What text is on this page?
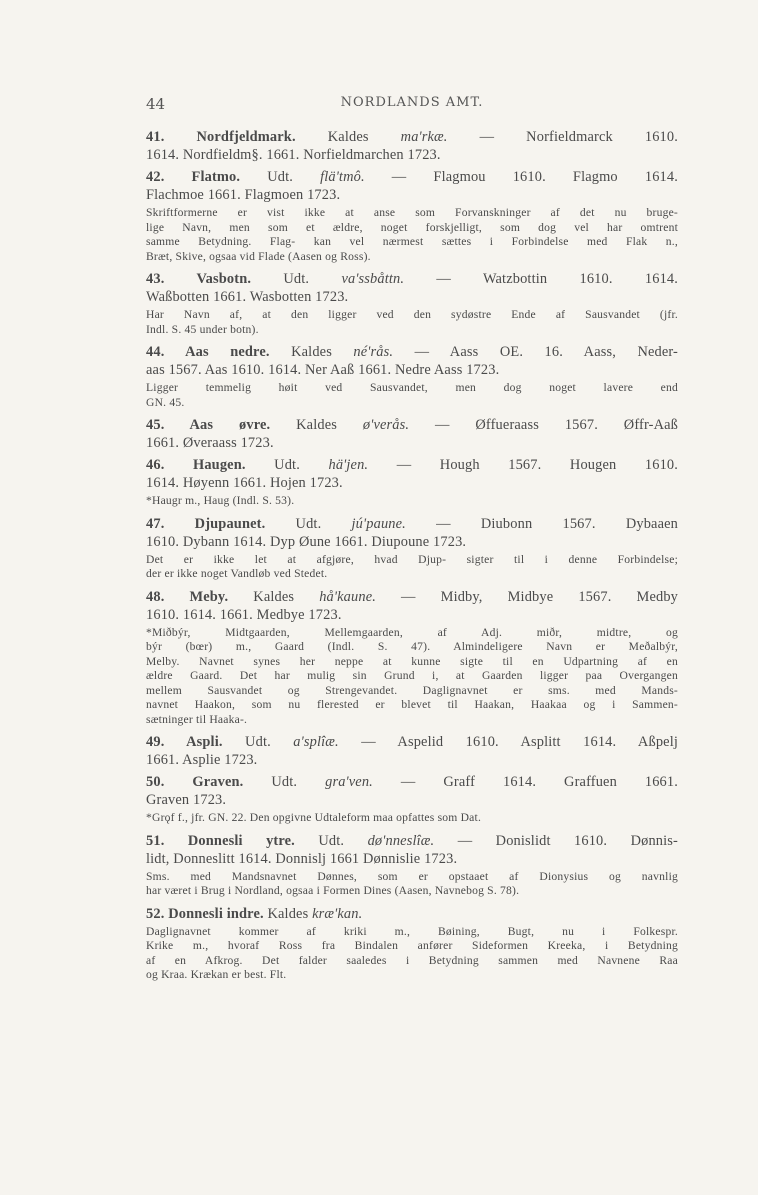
44	NORDLANDS AMT.
41. Nordfjeldmark. Kaldes ma'rkæ. — Norfieldmarck 1610.
1614. Nordfieldm§. 1661. Norfieldmarchen 1723.
42. Flatmo. Udt. flä'tmô. — Flagmou 1610. Flagmo 1614.
Flachmoe 1661. Flagmoen 1723.
Skriftformerne er vist ikke at anse som Forvanskninger af det nu bruge-
lige Navn, men som et ældre, noget forskjelligt, som dog vel har omtrent
samme Betydning. Flag- kan vel nærmest sættes i Forbindelse med Flak n.,
Bræt, Skive, ogsaa vid Flade (Aasen og Ross).
43. Vasbotn. Udt. va'ssbåttn. — Watzbottin 1610. 1614.
Waßbotten 1661. Wasbotten 1723.
Har Navn af, at den ligger ved den sydøstre Ende af Sausvandet (jfr.
Indl. S. 45 under botn).
44. Aas nedre. Kaldes né'rås. — Aass OE. 16. Aass, Neder-
aas 1567. Aas 1610. 1614. Ner Aaß 1661. Nedre Aass 1723.
Ligger temmelig høit ved Sausvandet, men dog noget lavere end
GN. 45.
45. Aas øvre. Kaldes ø'verås. — Øffueraass 1567. Øffr-Aaß
1661. Øveraass 1723.
46. Haugen. Udt. hä'jen. — Hough 1567. Hougen 1610.
1614. Høyenn 1661. Hojen 1723.
*Haugr m., Haug (Indl. S. 53).
47. Djupaunet. Udt. jú'paune. — Diubonn 1567. Dybaaen
1610. Dybann 1614. Dyp Øune 1661. Diupoune 1723.
Det er ikke let at afgjøre, hvad Djup- sigter til i denne Forbindelse;
der er ikke noget Vandløb ved Stedet.
48. Meby. Kaldes hå'kaune. — Midby, Midbye 1567. Medby
1610. 1614. 1661. Medbye 1723.
*Miðbýr, Midtgaarden, Mellemgaarden, af Adj. miðr, midtre, og
býr (bœr) m., Gaard (Indl. S. 47). Almindeligere Navn er Meðalbýr,
Melby. Navnet synes her neppe at kunne sigte til en Udpartning af en
ældre Gaard. Det har mulig sin Grund i, at Gaarden ligger paa Overgangen
mellem Sausvandet og Strengevandet. Daglignavnet er sms. med Mands-
navnet Haakon, som nu flerested er blevet til Haakan, Haakaa og i Sammen-
sætninger til Haaka-.
49. Aspli. Udt. a'splîæ. — Aspelid 1610. Asplitt 1614. Aßpelj
1661. Asplie 1723.
50. Graven. Udt. gra'ven. — Graff 1614. Graffuen 1661.
Graven 1723.
*Grǫf f., jfr. GN. 22. Den opgivne Udtaleform maa opfattes som Dat.
51. Donnesli ytre. Udt. dø'nneslîæ. — Donislidt 1610. Dønnis-
lidt, Donneslitt 1614. Donnislj 1661 Dønnislie 1723.
Sms. med Mandsnavnet Dønnes, som er opstaaet af Dionysius og navnlig
har været i Brug i Nordland, ogsaa i Formen Dines (Aasen, Navnebog S. 78).
52. Donnesli indre. Kaldes kræ'kan.
Daglignavnet kommer af kriki m., Bøining, Bugt, nu i Folkespr.
Krike m., hvoraf Ross fra Bindalen anfører Sideformen Kreeka, i Betydning
af en Afkrog. Det falder saaledes i Betydning sammen med Navnene Raa
og Kraa. Krækan er best. Flt.
